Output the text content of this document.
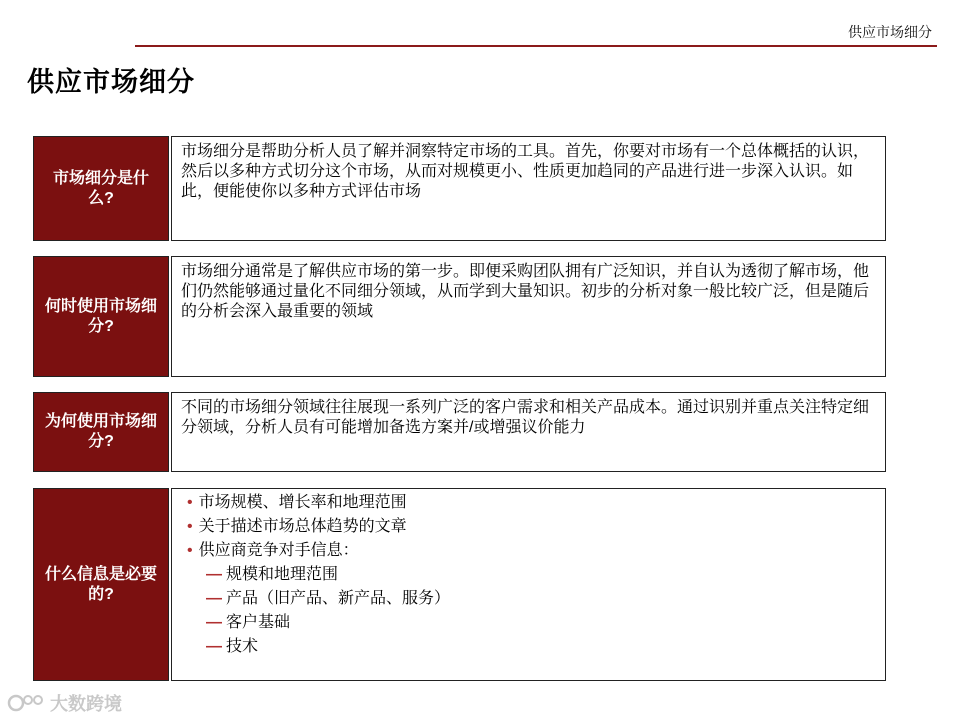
供应市场细分
供应市场细分
市场细分是什么?
市场细分是帮助分析人员了解并洞察特定市场的工具。首先，你要对市场有一个总体概括的认识，然后以多种方式切分这个市场，从而对规模更小、性质更加趋同的产品进行进一步深入认识。如此，便能使你以多种方式评估市场
何时使用市场细分?
市场细分通常是了解供应市场的第一步。即便采购团队拥有广泛知识，并自认为透彻了解市场，他们仍然能够通过量化不同细分领域，从而学到大量知识。初步的分析对象一般比较广泛，但是随后的分析会深入最重要的领域
为何使用市场细分?
不同的市场细分领域往往展现一系列广泛的客户需求和相关产品成本。通过识别并重点关注特定细分领域，分析人员有可能增加备选方案并/或增强议价能力
什么信息是必要的?
• 市场规模、增长率和地理范围
• 关于描述市场总体趋势的文章
• 供应商竞争对手信息：
— 规模和地理范围
— 产品（旧产品、新产品、服务）
— 客户基础
— 技术
大数跨境
